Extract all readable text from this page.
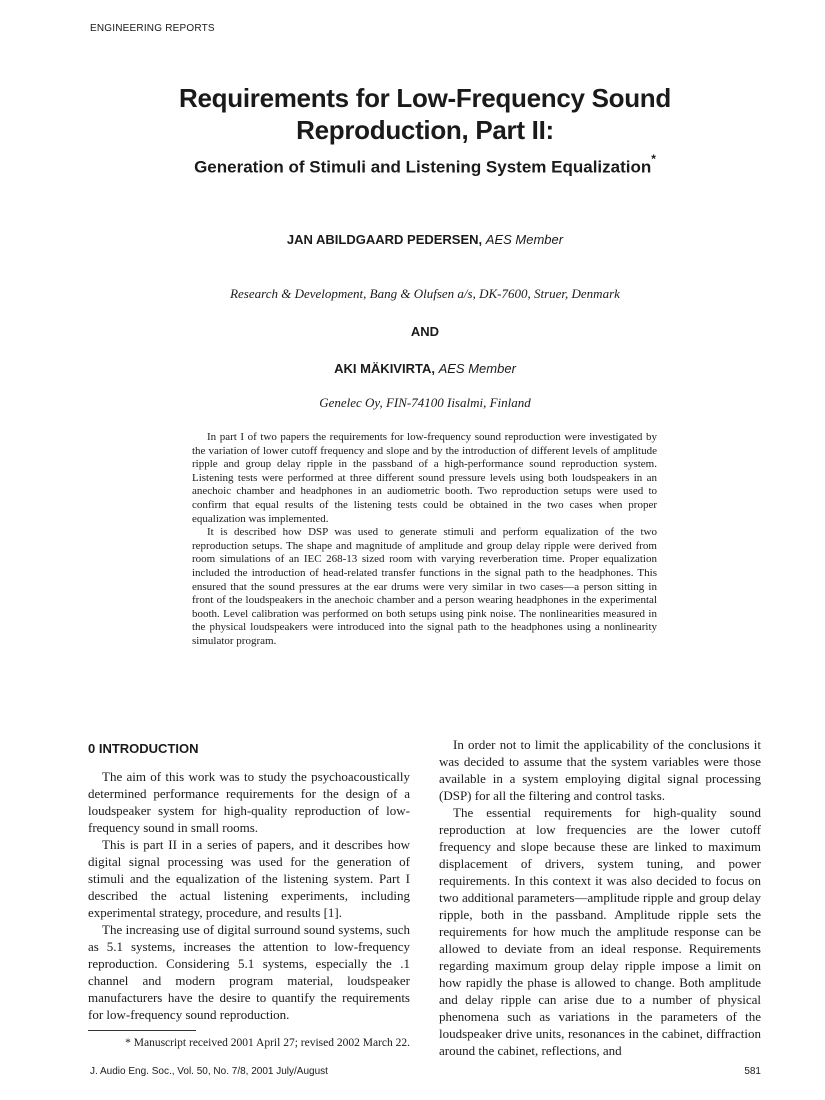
ENGINEERING REPORTS
Requirements for Low-Frequency Sound
Reproduction, Part II:
Generation of Stimuli and Listening System Equalization*
JAN ABILDGAARD PEDERSEN, AES Member
Research & Development, Bang & Olufsen a/s, DK-7600, Struer, Denmark
AND
AKI MÄKIVIRTA, AES Member
Genelec Oy, FIN-74100 Iisalmi, Finland

In part I of two papers the requirements for low-frequency sound reproduction were investigated by the variation of lower cutoff frequency and slope and by the introduction of different levels of amplitude ripple and group delay ripple in the passband of a high-performance sound reproduction system. Listening tests were performed at three different sound pressure levels using both loudspeakers in an anechoic chamber and headphones in an audiometric booth. Two reproduction setups were used to confirm that equal results of the listening tests could be obtained in the two cases when proper equalization was implemented.

It is described how DSP was used to generate stimuli and perform equalization of the two reproduction setups. The shape and magnitude of amplitude and group delay ripple were derived from room simulations of an IEC 268-13 sized room with varying reverberation time. Proper equalization included the introduction of head-related transfer functions in the signal path to the headphones. This ensured that the sound pressures at the ear drums were very similar in two cases—a person sitting in front of the loudspeakers in the anechoic chamber and a person wearing headphones in the experimental booth. Level calibration was performed on both setups using pink noise. The nonlinearities measured in the physical loudspeakers were introduced into the signal path to the headphones using a nonlinearity simulator program.

0 INTRODUCTION

The aim of this work was to study the psychoacoustically determined performance requirements for the design of a loudspeaker system for high-quality reproduction of low-frequency sound in small rooms.

This is part II in a series of papers, and it describes how digital signal processing was used for the generation of stimuli and the equalization of the listening system. Part I described the actual listening experiments, including experimental strategy, procedure, and results [1].

The increasing use of digital surround sound systems, such as 5.1 systems, increases the attention to low-frequency reproduction. Considering 5.1 systems, especially the .1 channel and modern program material, loudspeaker manufacturers have the desire to quantify the requirements for low-frequency sound reproduction.

In order not to limit the applicability of the conclusions it was decided to assume that the system variables were those available in a system employing digital signal processing (DSP) for all the filtering and control tasks.

The essential requirements for high-quality sound reproduction at low frequencies are the lower cutoff frequency and slope because these are linked to maximum displacement of drivers, system tuning, and power requirements. In this context it was also decided to focus on two additional parameters—amplitude ripple and group delay ripple, both in the passband. Amplitude ripple sets the requirements for how much the amplitude response can be allowed to deviate from an ideal response. Requirements regarding maximum group delay ripple impose a limit on how rapidly the phase is allowed to change. Both amplitude and delay ripple can arise due to a number of physical phenomena such as variations in the parameters of the loudspeaker drive units, resonances in the cabinet, diffraction around the cabinet, reflections, and

* Manuscript received 2001 April 27; revised 2002 March 22.
J. Audio Eng. Soc., Vol. 50, No. 7/8, 2001 July/August	581
